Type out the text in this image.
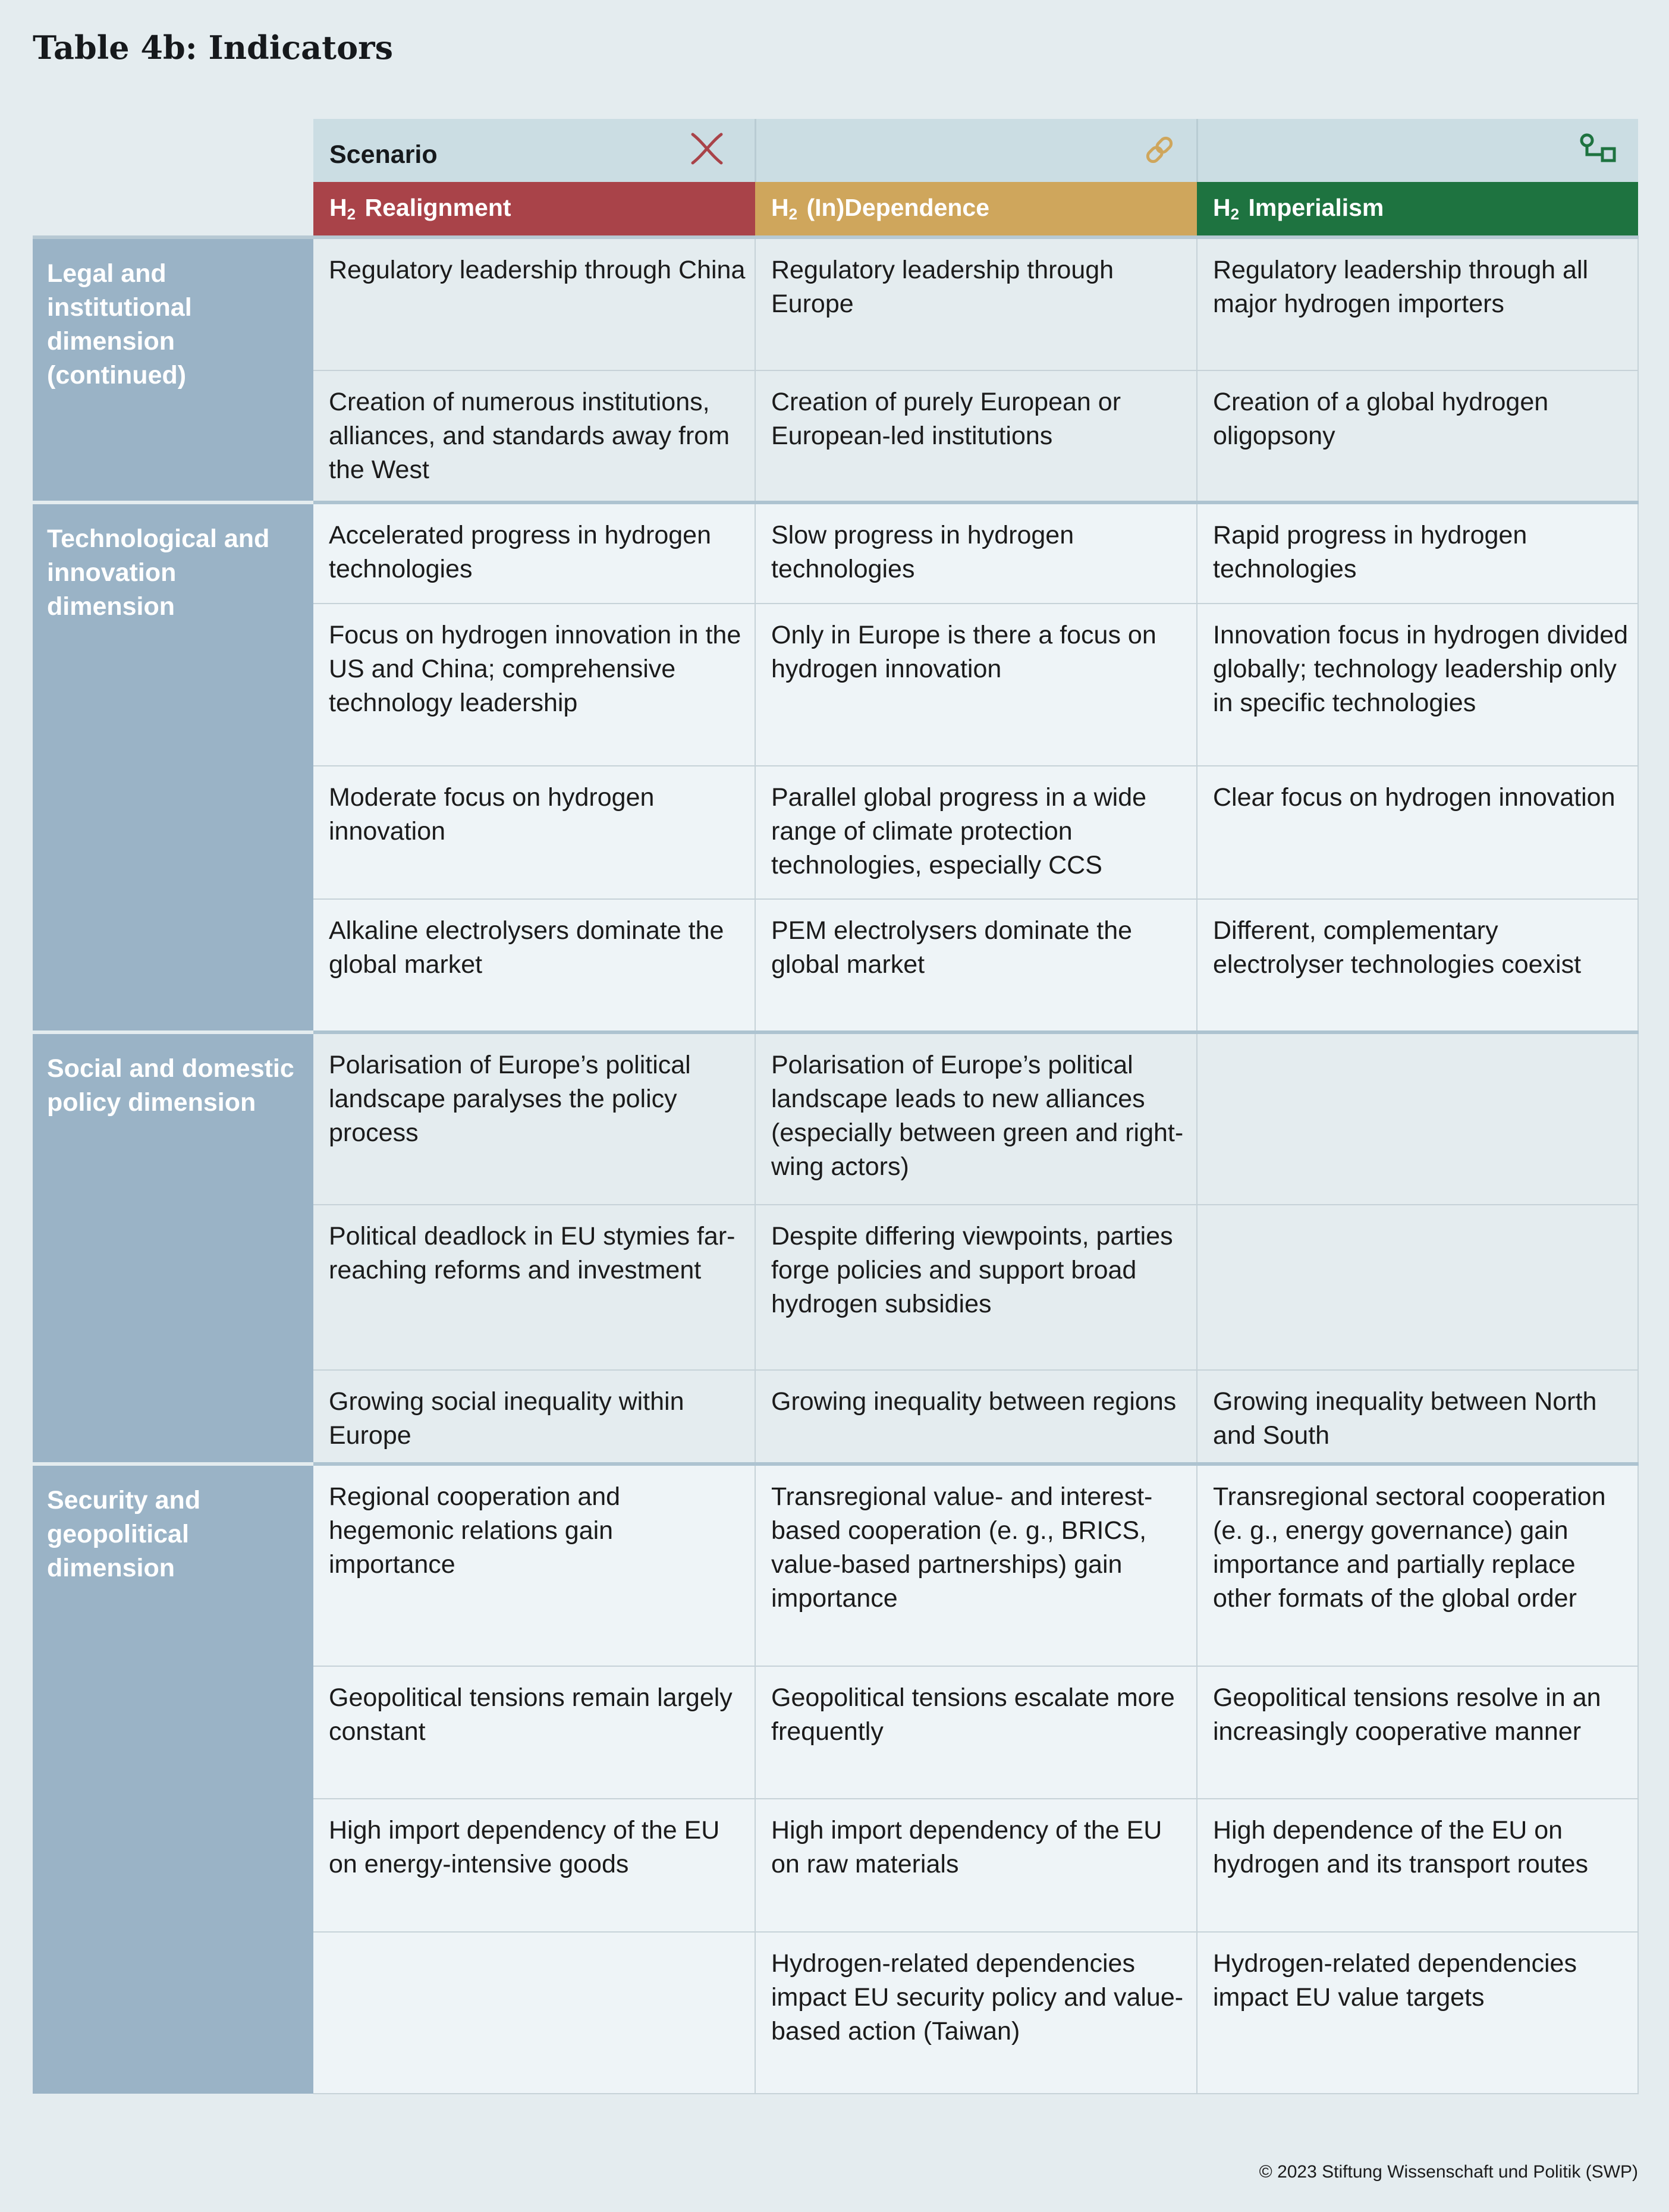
Table 4b: Indicators

	Scenario

	$H_2$ Realignment	$H_2$ (In)Dependence	$H_2$ Imperialism
Legal and institutional dimension (continued)	Regulatory leadership through China	Regulatory leadership through Europe	Regulatory leadership through all major hydrogen importers
	Creation of numerous institutions, alliances, and standards away from the West	Creation of purely European or European-led institutions	Creation of a global hydrogen oligopsony
Technological and innovation dimension	Accelerated progress in hydrogen technologies	Slow progress in hydrogen technologies	Rapid progress in hydrogen technologies
	Focus on hydrogen innovation in the US and China; comprehensive technology leadership	Only in Europe is there a focus on hydrogen innovation	Innovation focus in hydrogen divided globally; technology leadership only in specific technologies
	Moderate focus on hydrogen innovation	Parallel global progress in a wide range of climate protection technologies, especially CCS	Clear focus on hydrogen innovation
	Alkaline electrolysers dominate the global market	PEM electrolysers dominate the global market	Different, complementary electrolyser technologies coexist
Social and domestic policy dimension	Polarisation of Europe’s political landscape paralyses the policy process	Polarisation of Europe’s political landscape leads to new alliances (especially between green and right-wing actors)	
	Political deadlock in EU stymies far-reaching reforms and investment	Despite differing viewpoints, parties forge policies and support broad hydrogen subsidies	
	Growing social inequality within Europe	Growing inequality between regions	Growing inequality between North and South
Security and geopolitical dimension	Regional cooperation and hegemonic relations gain importance	Transregional value- and interest-based cooperation (e. g., BRICS, value-based partnerships) gain importance	Transregional sectoral cooperation (e. g., energy governance) gain importance and partially replace other formats of the global order
	Geopolitical tensions remain largely constant	Geopolitical tensions escalate more frequently	Geopolitical tensions resolve in an increasingly cooperative manner
	High import dependency of the EU on energy-intensive goods	High import dependency of the EU on raw materials	High dependence of the EU on hydrogen and its transport routes
		Hydrogen-related dependencies impact EU security policy and value-based action (Taiwan)	Hydrogen-related dependencies impact EU value targets

© 2023 Stiftung Wissenschaft und Politik (SWP)
